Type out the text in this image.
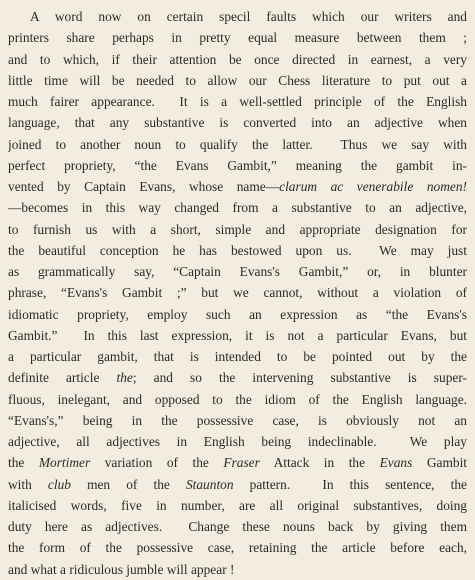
A word now on certain speci​l faults which our writers and
printers share perhaps in pretty equal measure between them ;
and to which, if their attention be once directed in earnest, a very
little time will be needed to allow our Chess literature to put out a
much fairer appearance.  It is a well-settled principle of the English
language, that any substantive is converted into an adjective when
joined to another noun to qualify the latter.  Thus we say with
perfect propriety, “the Evans Gambit,” meaning the gambit in-
vented by Captain Evans, whose name—clarum ac venerabile nomen!
—becomes in this way changed from a substantive to an adjective,
to furnish us with a short, simple and appropriate designation for
the beautiful conception he has bestowed upon us.  We may just
as grammatically say, “Captain Evans's Gambit,” or, in blunter
phrase, “Evans's Gambit ;” but we cannot, without a violation of
idiomatic propriety, employ such an expression as “the Evans's
Gambit.”  In this last expression, it is not a particular Evans, but
a particular gambit, that is intended to be pointed out by the
definite article the; and so the intervening substantive is super-
fluous, inelegant, and opposed to the idiom of the English language.
“Evans's,” being in the possessive case, is obviously not an
adjective, all adjectives in English being indeclinable.  We play
the Mortimer variation of the Fraser Attack in the Evans Gambit
with club men of the Staunton pattern.  In this sentence, the
italicised words, five in number, are all original substantives, doing
duty here as adjectives.  Change these nouns back by giving them
the form of the possessive case, retaining the article before each,
and what a ridiculous jumble will appear !
